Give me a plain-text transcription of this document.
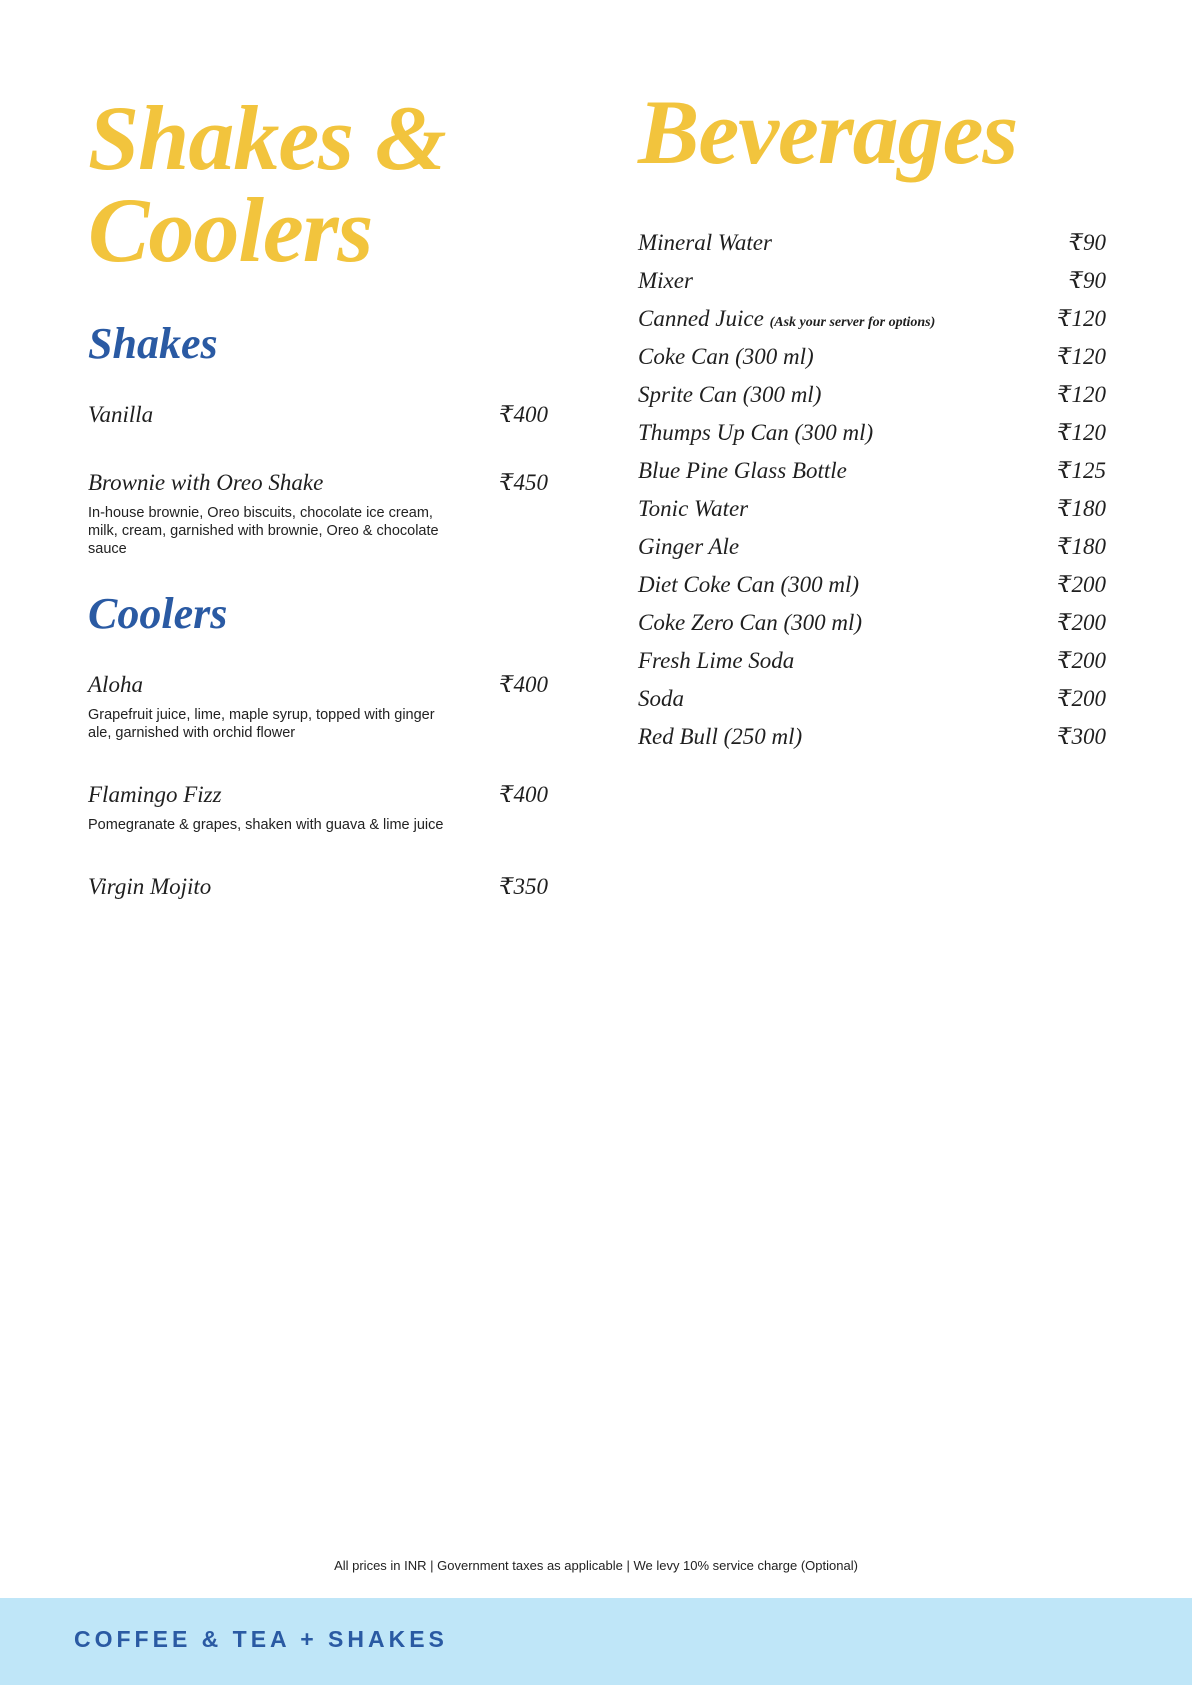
Shakes &
Coolers
Shakes
Vanilla	₹400
Brownie with Oreo Shake	₹450
In-house brownie, Oreo biscuits, chocolate ice cream, milk, cream, garnished with brownie, Oreo & chocolate sauce
Coolers
Aloha	₹400
Grapefruit juice, lime, maple syrup, topped with ginger ale, garnished with orchid flower
Flamingo Fizz	₹400
Pomegranate & grapes, shaken with guava & lime juice
Virgin Mojito	₹350
Beverages
Mineral Water	₹90
Mixer	₹90
Canned Juice (Ask your server for options)	₹120
Coke Can (300 ml)	₹120
Sprite Can (300 ml)	₹120
Thumps Up Can (300 ml)	₹120
Blue Pine Glass Bottle	₹125
Tonic Water	₹180
Ginger Ale	₹180
Diet Coke Can (300 ml)	₹200
Coke Zero Can (300 ml)	₹200
Fresh Lime Soda	₹200
Soda	₹200
Red Bull (250 ml)	₹300
All prices in INR | Government taxes as applicable | We levy 10% service charge (Optional)
COFFEE & TEA + SHAKES
